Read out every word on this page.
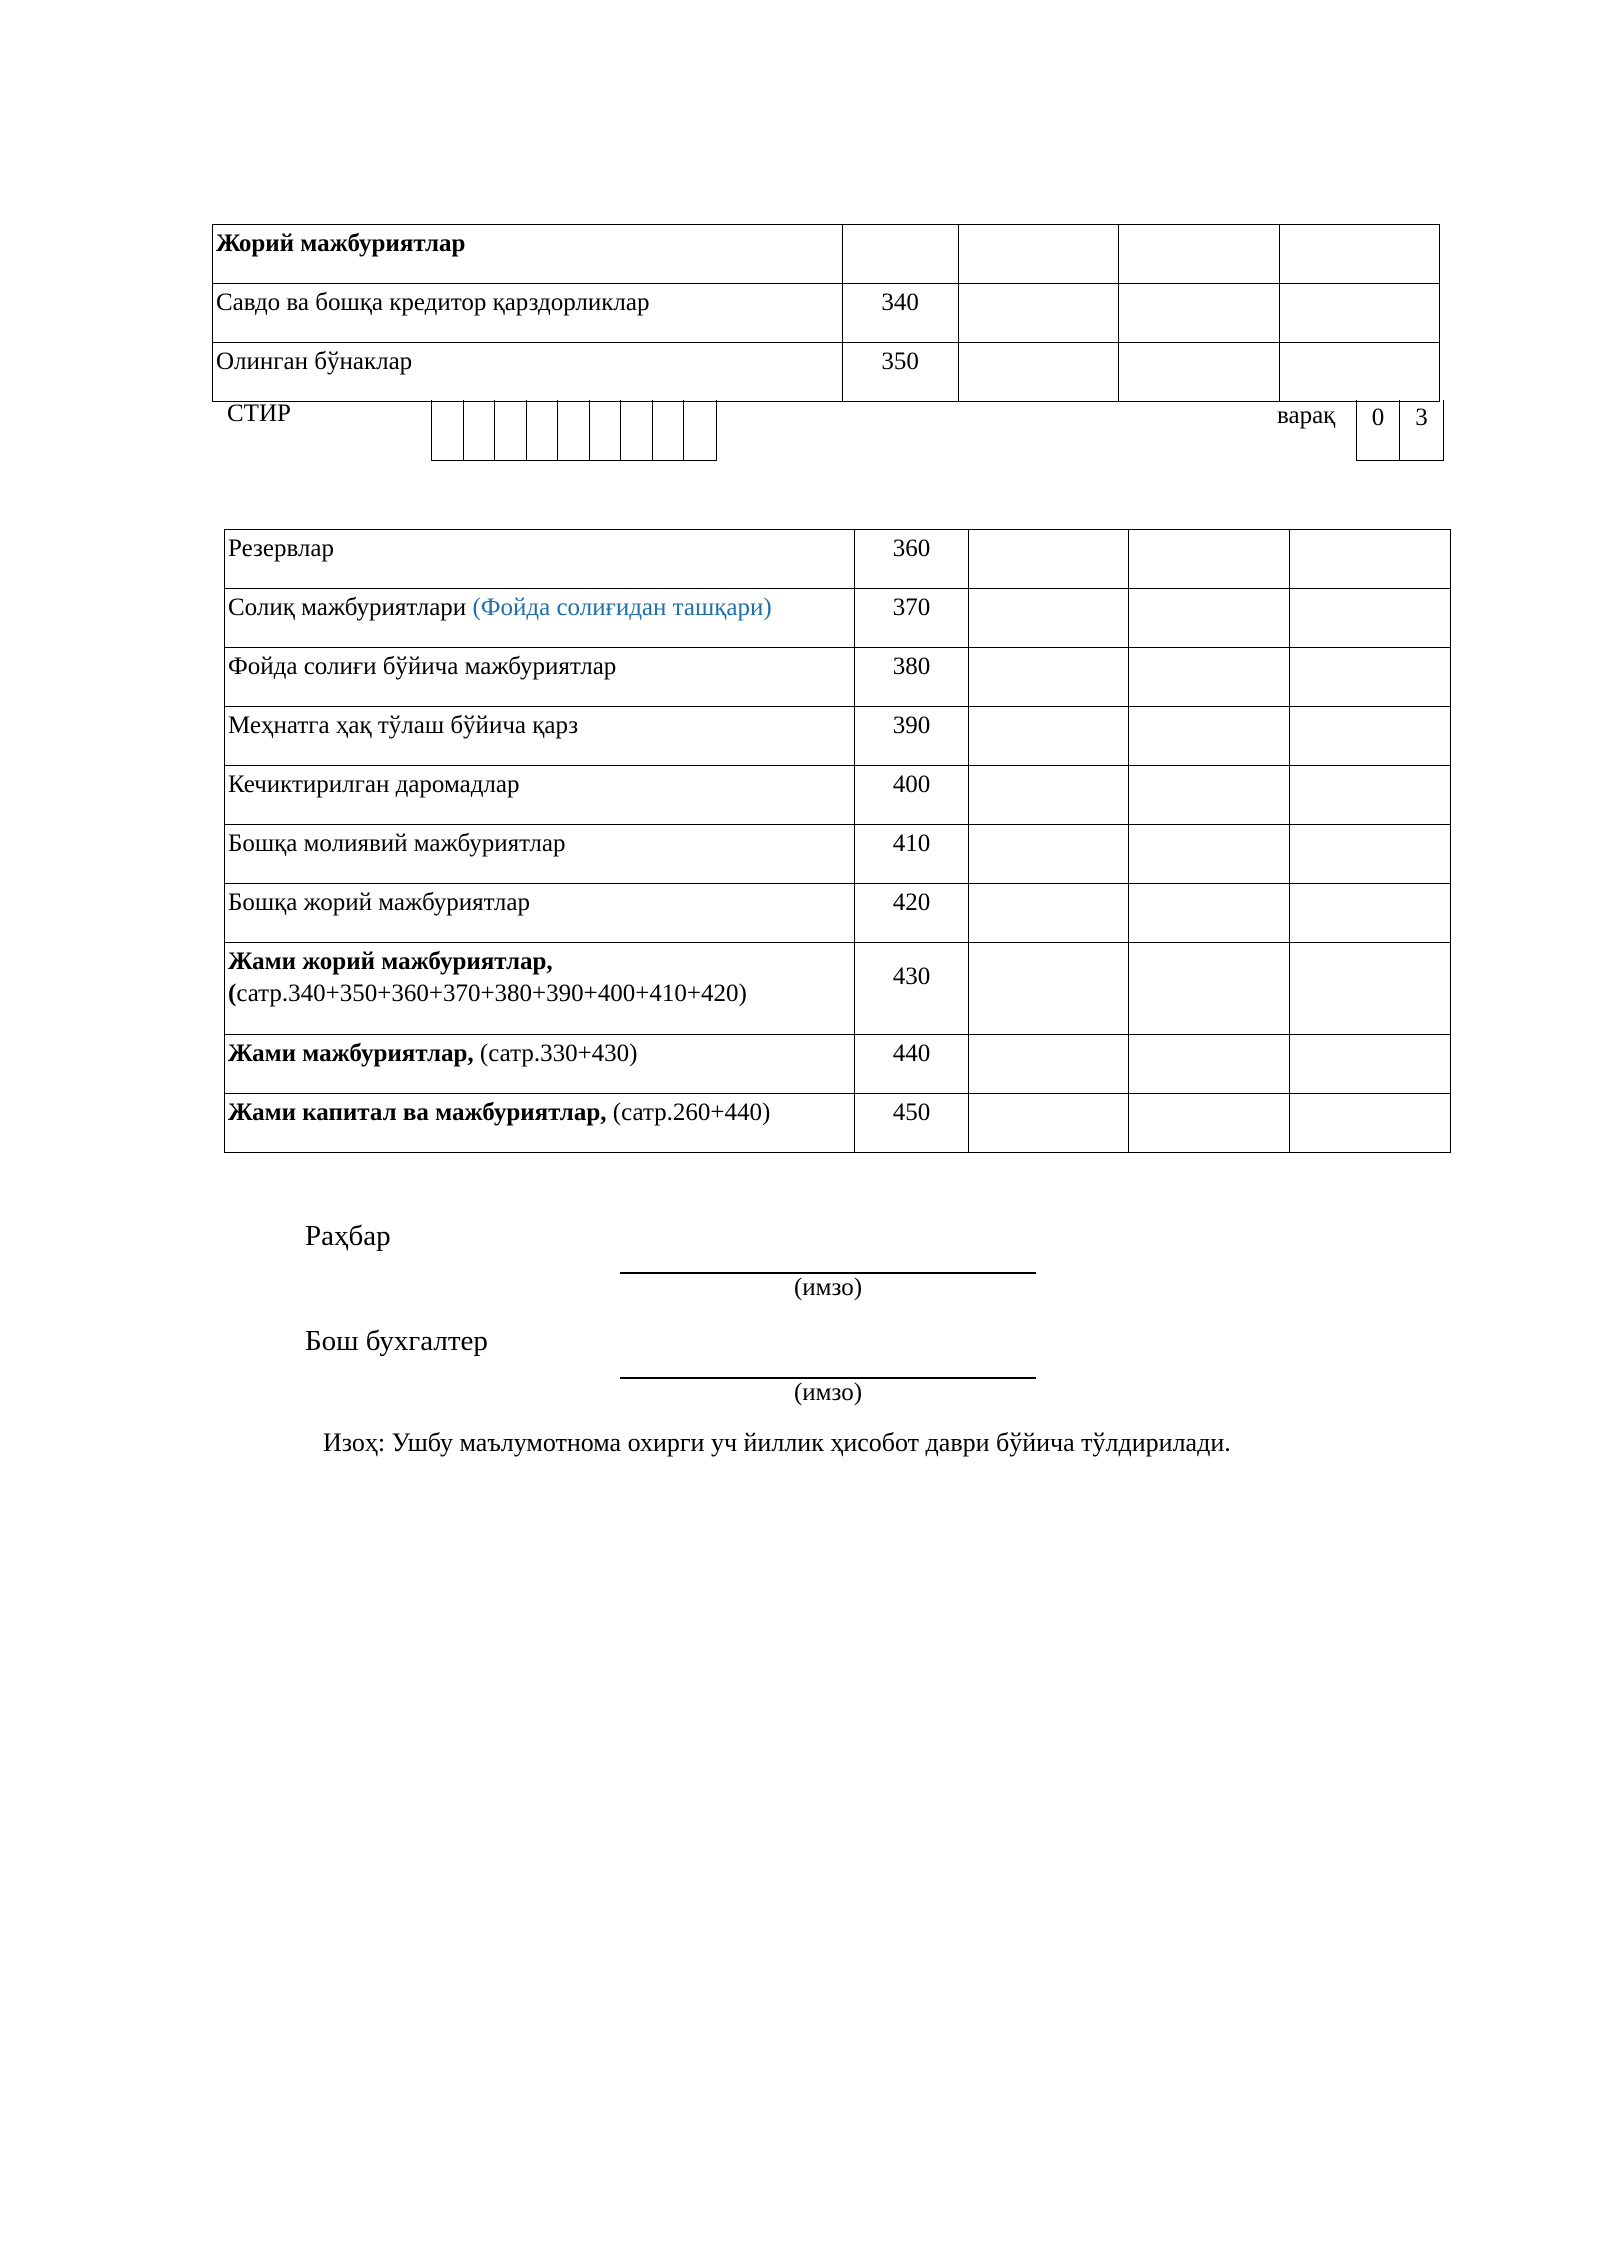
Жорий мажбуриятлар				
Савдо ва бошқа кредитор қарздорликлар	340			
Олинган бўнаклар	350			
СТИР	варақ	0	3
Резервлар	360			
Солиқ мажбуриятлари (Фойда солиғидан ташқари)	370			
Фойда солиғи бўйича мажбуриятлар	380			
Меҳнатга ҳақ тўлаш бўйича қарз	390			
Кечиктирилган даромадлар	400			
Бошқа молиявий мажбуриятлар	410			
Бошқа жорий мажбуриятлар	420			
Жами жорий мажбуриятлар,
(сатр.340+350+360+370+380+390+400+410+420)	430			
Жами мажбуриятлар, (сатр.330+430)	440			
Жами капитал ва мажбуриятлар, (сатр.260+440)	450			
Раҳбар
(имзо)
Бош бухгалтер
(имзо)
Изоҳ: Ушбу маълумотнома охирги уч йиллик ҳисобот даври бўйича тўлдирилади.
